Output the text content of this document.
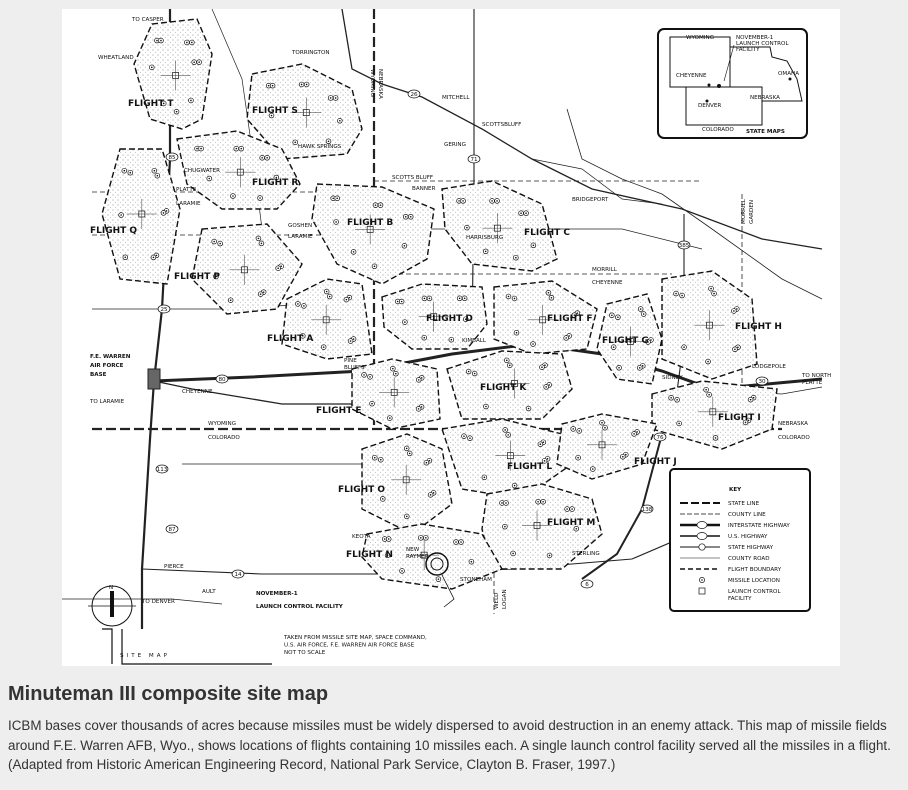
FLIGHT T
FLIGHT S
FLIGHT R
FLIGHT Q
FLIGHT P
FLIGHT B
FLIGHT C
FLIGHT A
FLIGHT D	FLIGHT F
FLIGHT G
FLIGHT H
FLIGHT E
FLIGHT K
FLIGHT I
FLIGHT L	FLIGHT J
FLIGHT O
FLIGHT M
FLIGHT N
TO CASPER
WHEATLAND
TORRINGTON
MITCHELL
SCOTTSBLUFF
GERING
HAWK SPRINGS
CHUGWATER
PLATTE
LARAMIE
SCOTTS BLUFF
BANNER
GOSHEN
LARAMIE	HARRISBURG
BRIDGEPORT
MORRILL
CHEYENNE
KIMBALL
CHEYENNE
TO LARAMIE
LODGEPOLE
SIDNEY
KEOTA
STONEHAM
STERLING
PIERCE
AULT
TO DENVER
PINE
BLUFFS
NEW
RAYMER
TO NORTH
PLATTE
WELD LOGAN
MORRILL GARDEN
WYOMING
COLORADO
NEBRASKA
COLORADO
WYOMING NEBRASKA
F.E. WARREN
AIR FORCE
BASE
85
26
71
25
385
80	30
76
14
138
6
113
87
NOVEMBER-1
LAUNCH CONTROL FACILITY
WYOMING
CHEYENNE	OMAHA
NEBRASKA
DENVER
COLORADO
NOVEMBER-1
LAUNCH CONTROL
FACILITY
STATE MAPS
KEY
STATE LINE
COUNTY LINE
INTERSTATE HIGHWAY
U.S. HIGHWAY
STATE HIGHWAY
COUNTY ROAD
FLIGHT BOUNDARY
MISSILE LOCATION
LAUNCH CONTROL FACILITY
SITE MAP
TAKEN FROM MISSILE SITE MAP, SPACE COMMAND,
U.S. AIR FORCE, F.E. WARREN AIR FORCE BASE
NOT TO SCALE
N
Minuteman III composite site map

ICBM bases cover thousands of acres because missiles must be widely dispersed to avoid destruction in an enemy attack. This map of missile fields around F.E. Warren AFB, Wyo., shows locations of flights containing 10 missiles each. A single launch control facility served all the missiles in a flight. (Adapted from Historic American Engineering Record, National Park Service, Clayton B. Fraser, 1997.)
